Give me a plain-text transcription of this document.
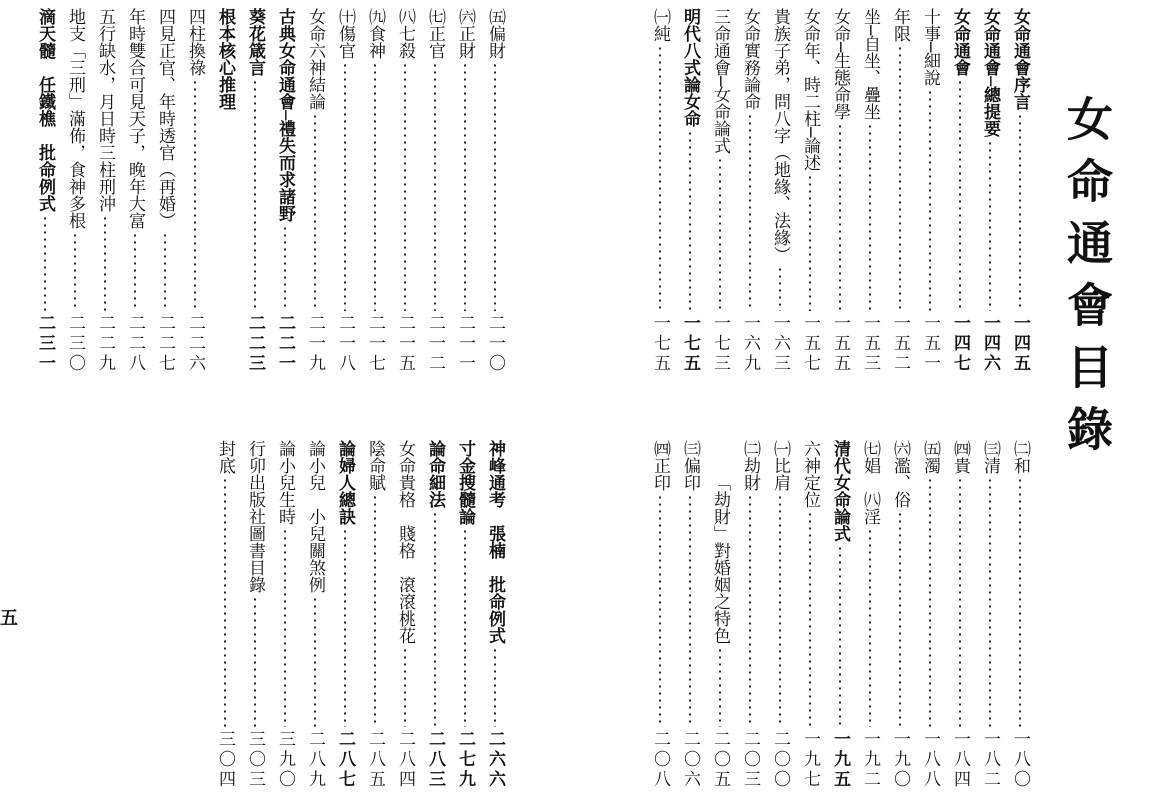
女命通會目錄
五
女命通會序言
一四五
女命通會─總提要
一四六
女命通會
一四七
十事─細說
一五一
年限
一五二
坐─自坐、疊坐
一五三
女命─生態命學
一五五
女命年、時二柱─論述
一五七
貴族子弟，問八字（地緣、法緣）
一六三
女命實務論命
一六九
三命通會─女命論式
一七三
明代八式論女命
一七五
㈠純
一七五
㈤偏財
二一〇
㈥正財
二一一
㈦正官
二一二
㈧七殺
二一五
㈨食神
二一七
㈩傷官
二一八
女命六神結論
二一九
古典女命通會─禮失而求諸野
二二一
葵花箴言
二二三
根本核心推理
四柱換祿
二二六
四見正官、年時透官（再婚）
二二七
年時雙合可見天子，晚年大富
二二八
五行缺水，月日時三柱刑沖
二二九
地支「三刑」滿佈，食神多根
二三〇
滴天髓　任鐵樵　批命例式
二三一
㈡和
一八〇
㈢清
一八二
㈣貴
一八四
㈤濁
一八八
㈥濫、俗
一九〇
㈦娼　㈧淫
一九二
清代女命論式
一九五
六神定位
一九七
㈠比肩
二〇〇
㈡劫財
二〇三
「劫財」對婚姻之特色
二〇五
㈢偏印
二〇六
㈣正印
二〇八
神峰通考　張楠　批命例式
二六六
寸金搜髓論
二七九
論命細法
二八三
女命貴格　賤格　滾滾桃花
二八四
陰命賦
二八五
論婦人總訣
二八七
論小兒　小兒關煞例
二八九
論小兒生時
三九〇
行卯出版社圖書目錄
三〇三
封底
三〇四
